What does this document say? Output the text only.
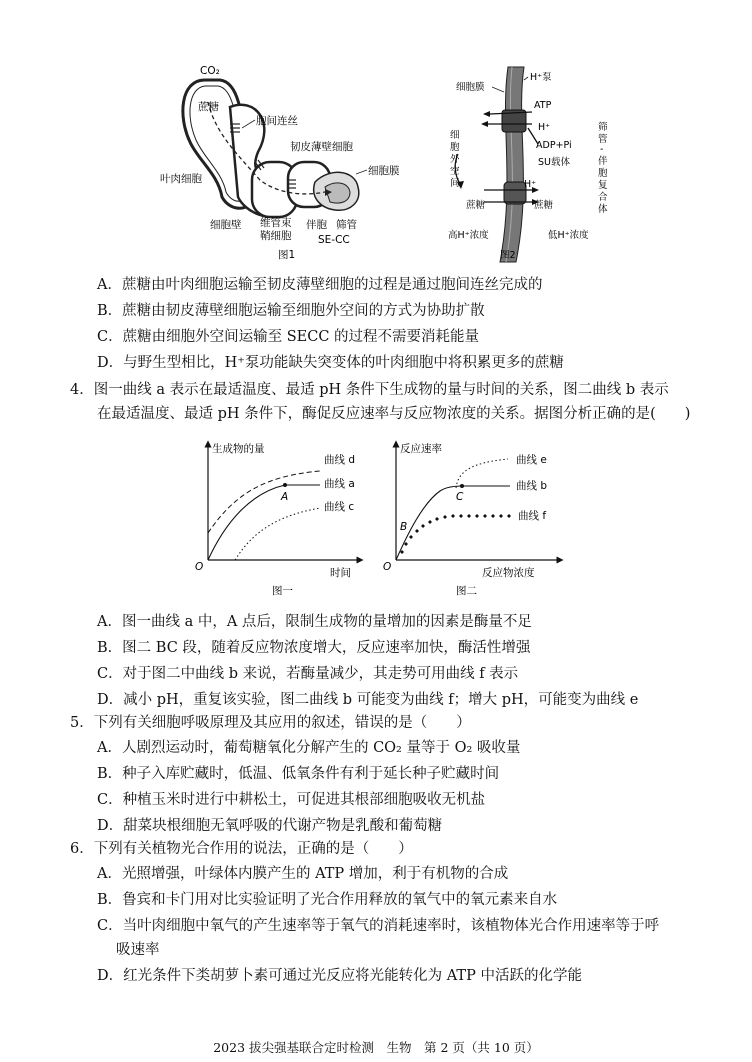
CO₂
蔗糖
胞间连丝
韧皮薄壁细胞
叶肉细胞
细胞膜
细胞壁 维管束
鞘细胞
伴胞 筛管
SE-CC
图1
细胞膜
H⁺泵
ATP
H⁺
ADP+Pi
SU载体
H⁺
蔗糖	蔗糖
细
胞
外
空
间
筛
管
-
伴
胞
复
合
体
高H⁺浓度	低H⁺浓度
图2
A．蔗糖由叶肉细胞运输至韧皮薄壁细胞的过程是通过胞间连丝完成的
B．蔗糖由韧皮薄壁细胞运输至细胞外空间的方式为协助扩散
C．蔗糖由细胞外空间运输至 SECC 的过程不需要消耗能量
D．与野生型相比，H⁺泵功能缺失突变体的叶肉细胞中将积累更多的蔗糖
4．图一曲线 a 表示在最适温度、最适 pH 条件下生成物的量与时间的关系，图二曲线 b 表示
在最适温度、最适 pH 条件下，酶促反应速率与反应物浓度的关系。据图分析正确的是(　　)
生成物的量
时间
O
A
曲线 d
曲线 a
曲线 c
图一
反应速率
反应物浓度
O
B
C
曲线 e
曲线 b
曲线 f
图二
A．图一曲线 a 中，A 点后，限制生成物的量增加的因素是酶量不足
B．图二 BC 段，随着反应物浓度增大，反应速率加快，酶活性增强
C．对于图二中曲线 b 来说，若酶量减少，其走势可用曲线 f 表示
D．减小 pH，重复该实验，图二曲线 b 可能变为曲线 f；增大 pH，可能变为曲线 e
5．下列有关细胞呼吸原理及其应用的叙述，错误的是（　　）
A．人剧烈运动时，葡萄糖氧化分解产生的 CO₂ 量等于 O₂ 吸收量
B．种子入库贮藏时，低温、低氧条件有利于延长种子贮藏时间
C．种植玉米时进行中耕松土，可促进其根部细胞吸收无机盐
D．甜菜块根细胞无氧呼吸的代谢产物是乳酸和葡萄糖
6．下列有关植物光合作用的说法，正确的是（　　）
A．光照增强，叶绿体内膜产生的 ATP 增加，利于有机物的合成
B．鲁宾和卡门用对比实验证明了光合作用释放的氧气中的氧元素来自水
C．当叶肉细胞中氧气的产生速率等于氧气的消耗速率时，该植物体光合作用速率等于呼
吸速率
D．红光条件下类胡萝卜素可通过光反应将光能转化为 ATP 中活跃的化学能
2023 拔尖强基联合定时检测　生物　第 2 页（共 10 页）
